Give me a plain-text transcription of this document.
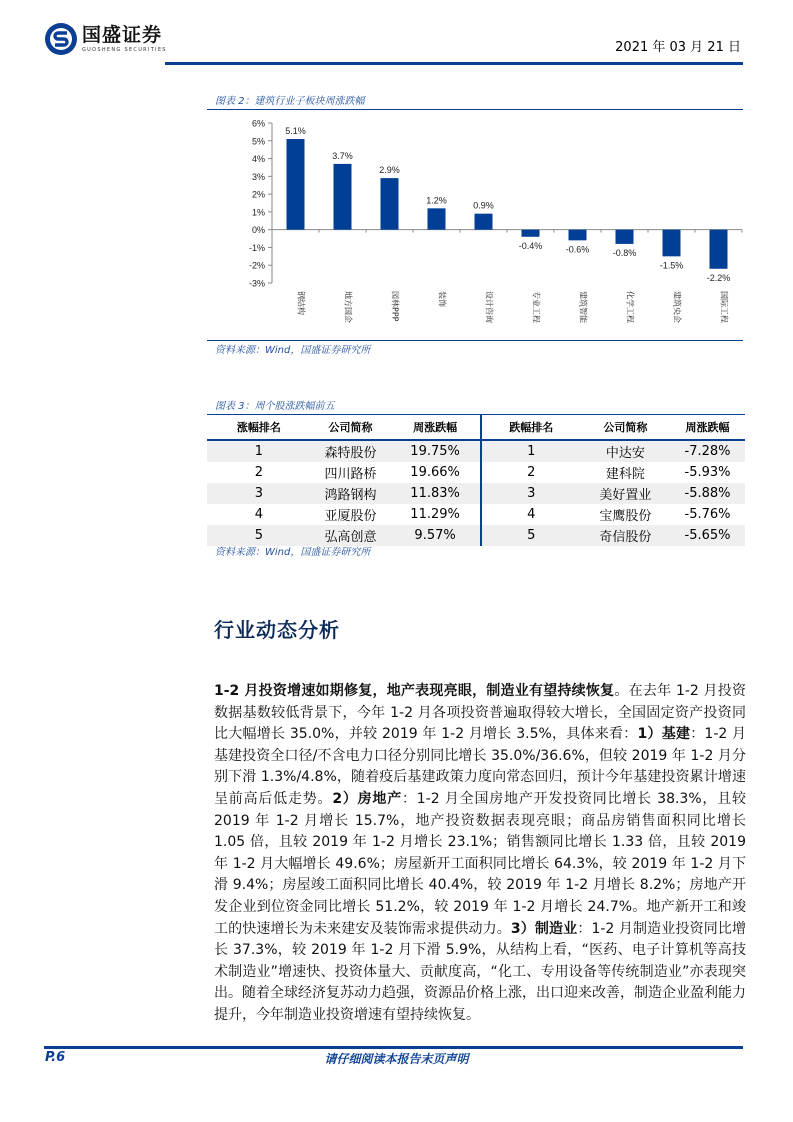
国盛证券
GUOSHENG SECURITIES	2021 年 03 月 21 日
图表 2：建筑行业子板块周涨跌幅
6%
5%
4%
3%
2%
1%
0%
-1%
-2%
-3%
5.1%
钢结构
3.7%
地方国企
2.9%
园林PPP
1.2%
装饰
0.9%
设计咨询
-0.4%
专业工程
-0.6%
建筑智能
-0.8%
化学工程
-1.5%
建筑央企
-2.2%
国际工程
资料来源：Wind，国盛证券研究所
图表 3：周个股涨跌幅前五
涨幅排名	公司简称	周涨跌幅	跌幅排名	公司简称	周涨跌幅
1	森特股份	19.75%	1	中达安	-7.28%
2	四川路桥	19.66%	2	建科院	-5.93%
3	鸿路钢构	11.83%	3	美好置业	-5.88%
4	亚厦股份	11.29%	4	宝鹰股份	-5.76%
5	弘高创意	9.57%	5	奇信股份	-5.65%
资料来源：Wind，国盛证券研究所
行业动态分析
1-2 月投资增速如期修复，地产表现亮眼，制造业有望持续恢复。在去年 1-2 月投资数据基数较低背景下，今年 1-2 月各项投资普遍取得较大增长，全国固定资产投资同比大幅增长 35.0%，并较 2019 年 1-2 月增长 3.5%，具体来看：1）基建：1-2 月基建投资全口径/不含电力口径分别同比增长 35.0%/36.6%，但较 2019 年 1-2 月分别下滑 1.3%/4.8%，随着疫后基建政策力度向常态回归，预计今年基建投资累计增速呈前高后低走势。2）房地产：1-2 月全国房地产开发投资同比增长 38.3%，且较 2019 年 1-2 月增长 15.7%，地产投资数据表现亮眼；商品房销售面积同比增长 1.05 倍，且较 2019 年 1-2 月增长 23.1%；销售额同比增长 1.33 倍，且较 2019 年 1-2 月大幅增长 49.6%；房屋新开工面积同比增长 64.3%，较 2019 年 1-2 月下滑 9.4%；房屋竣工面积同比增长 40.4%，较 2019 年 1-2 月增长 8.2%；房地产开发企业到位资金同比增长 51.2%，较 2019 年 1-2 月增长 24.7%。地产新开工和竣工的快速增长为未来建安及装饰需求提供动力。3）制造业：1-2 月制造业投资同比增长 37.3%，较 2019 年 1-2 月下滑 5.9%，从结构上看，“医药、电子计算机等高技术制造业”增速快、投资体量大、贡献度高，“化工、专用设备等传统制造业”亦表现突出。随着全球经济复苏动力趋强，资源品价格上涨，出口迎来改善，制造企业盈利能力提升，今年制造业投资增速有望持续恢复。
请仔细阅读本报告末页声明
P.6
